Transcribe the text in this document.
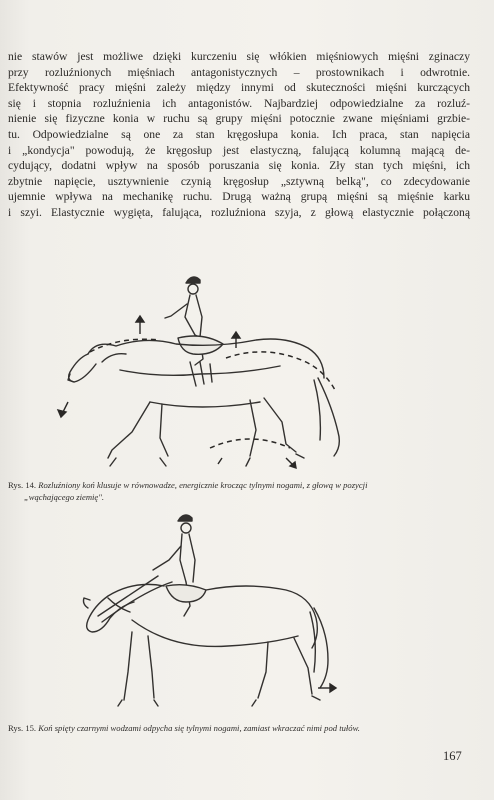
nie stawów jest możliwe dzięki kurczeniu się włókien mięśniowych mięśni zginaczy
przy rozluźnionych mięśniach antagonistycznych – prostownikach i odwrotnie.
Efektywność pracy mięśni zależy między innymi od skuteczności mięśni kurczących
się i stopnia rozluźnienia ich antagonistów. Najbardziej odpowiedzialne za rozluź-
nienie się fizyczne konia w ruchu są grupy mięśni potocznie zwane mięśniami grzbie-
tu. Odpowiedzialne są one za stan kręgosłupa konia. Ich praca, stan napięcia
i „kondycja" powodują, że kręgosłup jest elastyczną, falującą kolumną mającą de-
cydujący, dodatni wpływ na sposób poruszania się konia. Zły stan tych mięśni, ich
zbytnie napięcie, usztywnienie czynią kręgosłup „sztywną belką", co zdecydowanie
ujemnie wpływa na mechanikę ruchu. Drugą ważną grupą mięśni są mięśnie karku
i szyi. Elastycznie wygięta, falująca, rozluźniona szyja, z głową elastycznie połączoną
Rys. 14. Rozluźniony koń klusuje w równowadze, energicznie krocząc tylnymi nogami, z głową w pozycji
„wąchającego ziemię".
Rys. 15. Koń spięty czarnymi wodzami odpycha się tylnymi nogami, zamiast wkraczać nimi pod tułów.
167
